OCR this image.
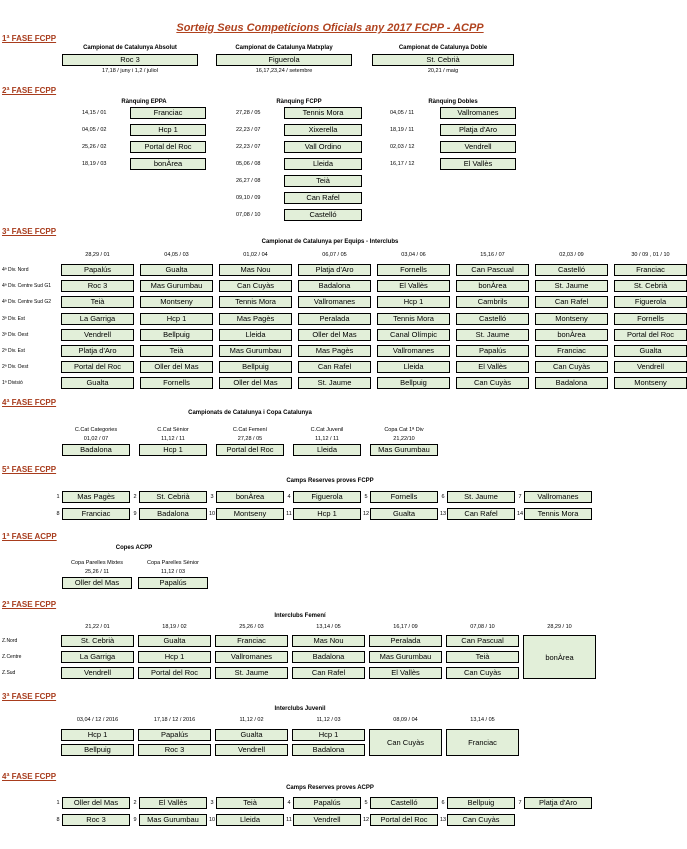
Sorteig Seus Competicions Oficials any 2017 FCPP - ACPP
1ª FASE FCPP
Campionat de Catalunya Absolut
Roc 3
17,18 / juny i 1,2 / juliol
Campionat de Catalunya Matxplay
Figuerola
16,17,23,24 / setembre
Campionat de Catalunya Doble
St. Cebrià
20,21 / maig
2ª FASE FCPP
Rànquing EPPA	Rànquing FCPP	Rànquing Dobles
14,15 / 01	Franciac
04,05 / 02	Hcp 1
25,26 / 02	Portal del Roc
18,19 / 03	bonÀrea
27,28 / 05	Tennis Mora
22,23 / 07	Xixerella
22,23 / 07	Vall Ordino
05,06 / 08	Lleida
26,27 / 08	Teià
09,10 / 09	Can Rafel
07,08 / 10	Castelló
04,05 / 11	Vallromanes
18,19 / 11	Platja d'Aro
02,03 / 12	Vendrell
16,17 / 12	El Vallès
3ª FASE FCPP
Campionat de Catalunya per Equips - Interclubs
28,29 / 01	04,05 / 03	01,02 / 04	06,07 / 05	03,04 / 06	15,16 / 07	02,03 / 09	30 / 09 , 01 / 10
4ª Div. Nord	Papalús	Gualta	Mas Nou	Platja d'Aro	Fornells	Can Pascual	Castelló	Franciac
4ª Div. Centre Sud G1	Roc 3	Mas Gurumbau	Can Cuyàs	Badalona	El Vallès	bonÀrea	St. Jaume	St. Cebrià
4ª Div. Centre Sud G2	Teià	Montseny	Tennis Mora	Vallromanes	Hcp 1	Cambrils	Can Rafel	Figuerola
3ª Div. Est	La Garriga	Hcp 1	Mas Pagès	Peralada	Tennis Mora	Castelló	Montseny	Fornells
3ª Div. Oest	Vendrell	Bellpuig	Lleida	Oller del Mas	Canal Olímpic	St. Jaume	bonÀrea	Portal del Roc
2ª Div. Est	Platja d'Aro	Teià	Mas Gurumbau	Mas Pagès	Vallromanes	Papalús	Franciac	Gualta
2ª Div. Oest	Portal del Roc	Oller del Mas	Bellpuig	Can Rafel	Lleida	El Vallès	Can Cuyàs	Vendrell
1ª Divisió	Gualta	Fornells	Oller del Mas	St. Jaume	Bellpuig	Can Cuyàs	Badalona	Montseny
4ª FASE FCPP
Campionats de Catalunya i Copa Catalunya
C.Cat Categories
01,02 / 07
Badalona
C.Cat Sènior
11,12 / 11
Hcp 1
C.Cat Femení
27,28 / 05
Portal del Roc
C.Cat Juvenil
11,12 / 11
Lleida
Copa Cat 1ª Div
21,22/10
Mas Gurumbau
5ª FASE FCPP
Camps Reserves proves FCPP
1	Mas Pagès	2	St. Cebrià	3	bonÀrea	4	Figuerola	5	Fornells	6	St. Jaume	7	Vallromanes
8	Franciac	9	Badalona	10	Montseny	11	Hcp 1	12	Gualta	13	Can Rafel	14	Tennis Mora
1ª FASE ACPP
Copes ACPP
Copa Parelles Mixtes
25,26 / 11
Oller del Mas
Copa Parelles Sènior
11,12 / 03
Papalús
2ª FASE FCPP
Interclubs Femení
21,22 / 01	18,19 / 02	25,26 / 03	13,14 / 05	16,17 / 09	07,08 / 10	28,29 / 10
Z.Nord	St. Cebrià	Gualta	Franciac	Mas Nou	Peralada	Can Pascual
Z.Centre	La Garriga	Hcp 1	Vallromanes	Badalona	Mas Gurumbau	Teià
Z.Sud	Vendrell	Portal del Roc	St. Jaume	Can Rafel	El Vallès	Can Cuyàs
bonÀrea
3ª FASE FCPP
Interclubs Juvenil
03,04 / 12 / 2016	17,18 / 12 / 2016	11,12 / 02	11,12 / 03	08,09 / 04	13,14 / 05
Hcp 1	Papalús	Gualta	Hcp 1
Bellpuig	Roc 3	Vendrell	Badalona
Can Cuyàs	Franciac
4ª FASE FCPP
Camps Reserves proves ACPP
1	Oller del Mas	2	El Vallès	3	Teià	4	Papalús	5	Castelló	6	Bellpuig	7	Platja d'Aro
8	Roc 3	9	Mas Gurumbau	10	Lleida	11	Vendrell	12	Portal del Roc	13	Can Cuyàs
